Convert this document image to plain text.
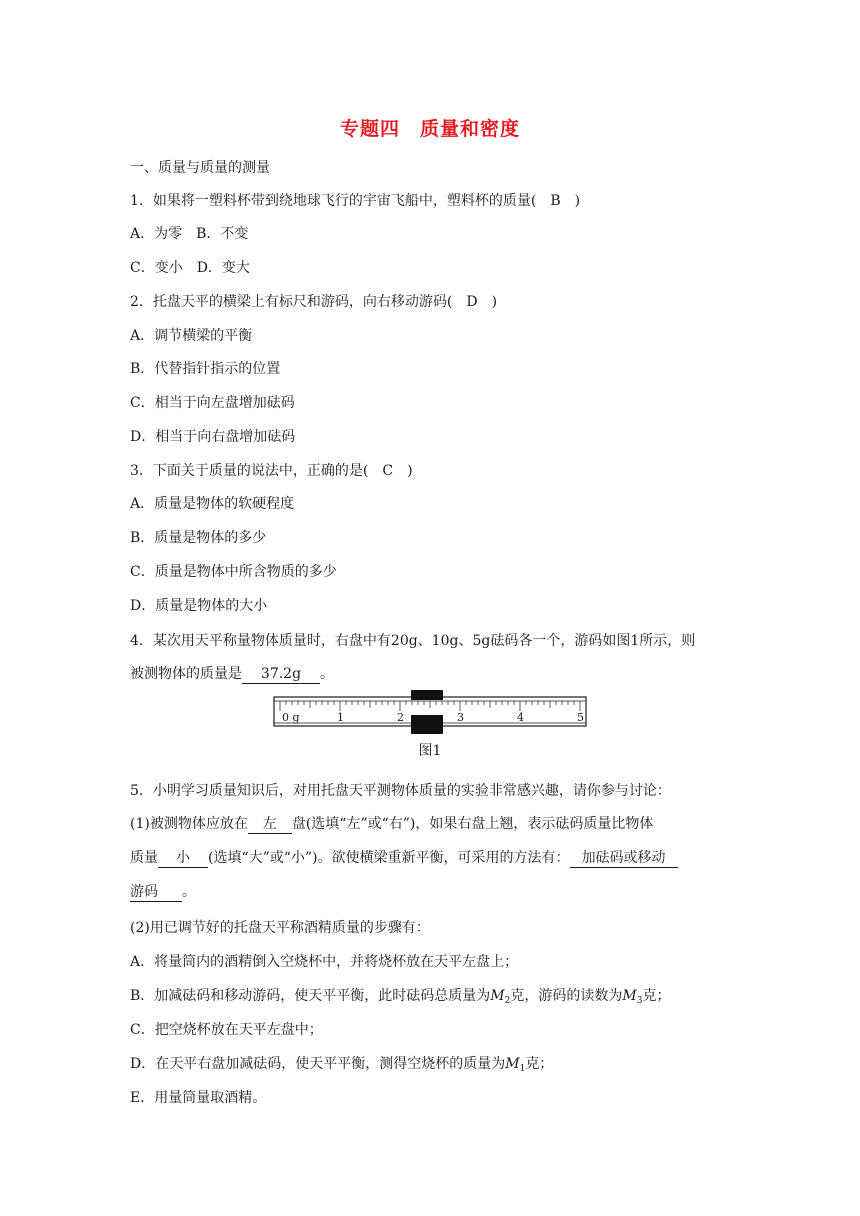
专题四　质量和密度
一、质量与质量的测量
1．如果将一塑料杯带到绕地球飞行的宇宙飞船中，塑料杯的质量(　B　)
A．为零　B．不变
C．变小　D．变大
2．托盘天平的横梁上有标尺和游码，向右移动游码(　D　)
A．调节横梁的平衡
B．代替指针指示的位置
C．相当于向左盘增加砝码
D．相当于向右盘增加砝码
3．下面关于质量的说法中，正确的是(　C　)
A．质量是物体的软硬程度
B．质量是物体的多少
C．质量是物体中所含物质的多少
D．质量是物体的大小
4．某次用天平称量物体质量时，右盘中有20g、10g、5g砝码各一个，游码如图1所示，则
被测物体的质量是 37.2g 。
0 g	1	2	3	4	5
图1
5．小明学习质量知识后，对用托盘天平测物体质量的实验非常感兴趣，请你参与讨论：
(1)被测物体应放在 左 盘(选填“左”或“右”)，如果右盘上翘，表示砝码质量比物体
质量 小 (选填“大”或“小”)。欲使横梁重新平衡，可采用的方法有： 加砝码或移动
游码 。
(2)用已调节好的托盘天平称酒精质量的步骤有：
A．将量筒内的酒精倒入空烧杯中，并将烧杯放在天平左盘上；
B．加减砝码和移动游码，使天平平衡，此时砝码总质量为$M_2$克，游码的读数为$M_3$克；
C．把空烧杯放在天平左盘中；
D．在天平右盘加减砝码，使天平平衡，测得空烧杯的质量为$M_1$克；
E．用量筒量取酒精。
